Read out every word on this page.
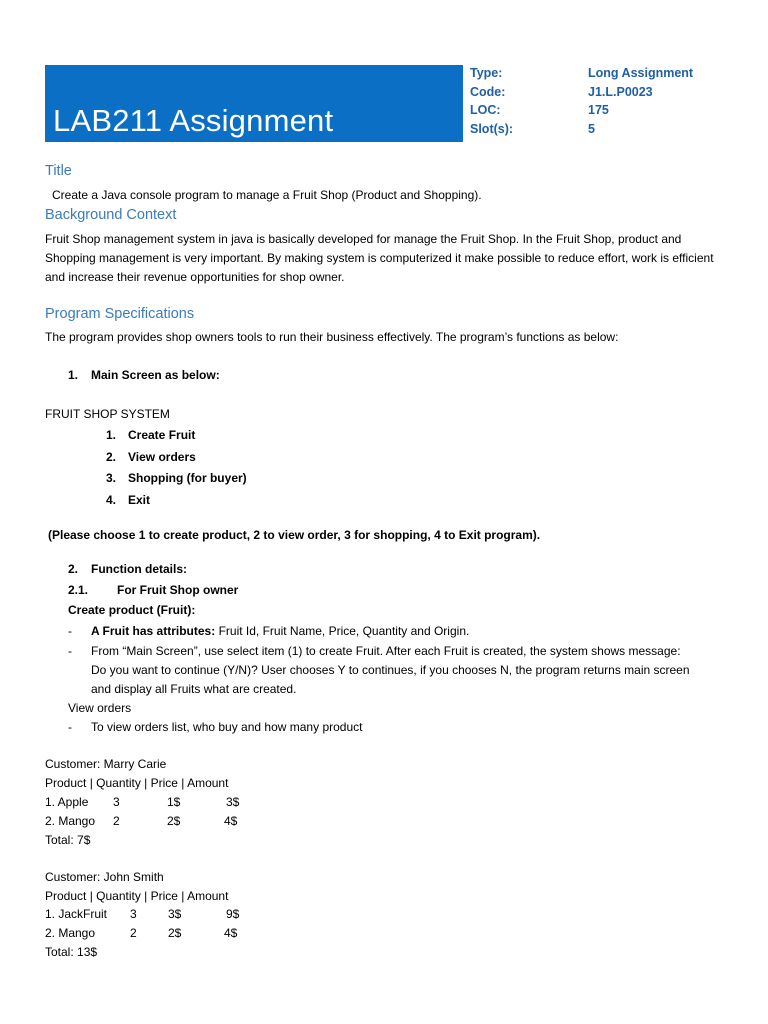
LAB211 Assignment
Type:	Long Assignment
Code:	J1.L.P0023
LOC:	175
Slot(s):	5
Title
Create a Java console program to manage a Fruit Shop (Product and Shopping).
Background Context
Fruit Shop management system in java is basically developed for manage the Fruit Shop. In the Fruit Shop, product and Shopping management is very important. By making system is computerized it make possible to reduce effort, work is efficient and increase their revenue opportunities for shop owner.
Program Specifications
The program provides shop owners tools to run their business effectively. The program’s functions as below:
1. Main Screen as below:
FRUIT SHOP SYSTEM
1. Create Fruit
2. View orders
3. Shopping (for buyer)
4. Exit
(Please choose 1 to create product, 2 to view order, 3 for shopping, 4 to Exit program).
2. Function details:
2.1. For Fruit Shop owner
Create product (Fruit):
- A Fruit has attributes: Fruit Id, Fruit Name, Price, Quantity and Origin.
- From “Main Screen”, use select item (1) to create Fruit. After each Fruit is created, the system shows message:
Do you want to continue (Y/N)? User chooses Y to continues, if you chooses N, the program returns main screen
and display all Fruits what are created.
View orders
- To view orders list, who buy and how many product
Customer: Marry Carie
Product | Quantity | Price | Amount
1. Apple 3	1$	3$
2. Mango 2	2$	4$
Total: 7$
Customer: John Smith
Product | Quantity | Price | Amount
1. JackFruit 3	3$	9$
2. Mango	2	2$	4$
Total: 13$
